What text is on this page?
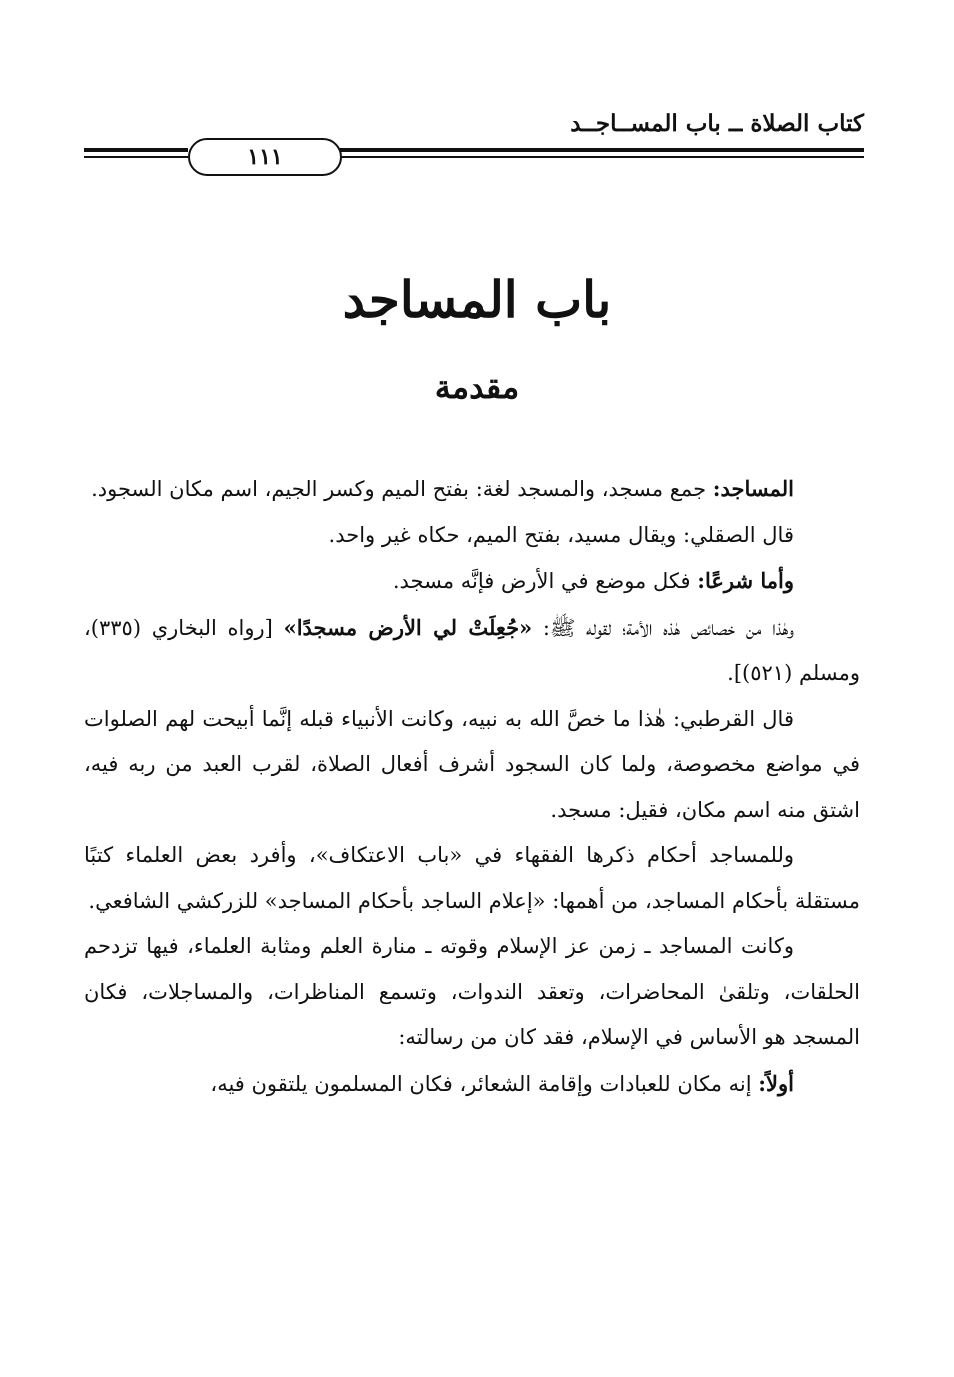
كتاب الصلاة ــ باب المســاجــد
١١١
باب المساجد
مقدمة

المساجد: جمع مسجد، والمسجد لغة: بفتح الميم وكسر الجيم، اسم مكان السجود.

قال الصقلي: ويقال مسيد، بفتح الميم، حكاه غير واحد.

وأما شرعًا: فكل موضع في الأرض فإنَّه مسجد.

وهٰذا من خصائص هٰذه الأمة؛ لقوله ﷺ: «جُعِلَتْ لي الأرض مسجدًا» [رواه البخاري (٣٣٥)، ومسلم (٥٢١)].

قال القرطبي: هٰذا ما خصَّ الله به نبيه، وكانت الأنبياء قبله إنَّما أبيحت لهم الصلوات في مواضع مخصوصة، ولما كان السجود أشرف أفعال الصلاة، لقرب العبد من ربه فيه، اشتق منه اسم مكان، فقيل: مسجد.

وللمساجد أحكام ذكرها الفقهاء في «باب الاعتكاف»، وأفرد بعض العلماء كتبًا مستقلة بأحكام المساجد، من أهمها: «إعلام الساجد بأحكام المساجد» للزركشي الشافعي.

وكانت المساجد ـ زمن عز الإسلام وقوته ـ منارة العلم ومثابة العلماء، فيها تزدحم الحلقات، وتلقىٰ المحاضرات، وتعقد الندوات، وتسمع المناظرات، والمساجلات، فكان المسجد هو الأساس في الإسلام، فقد كان من رسالته:

أولاً: إنه مكان للعبادات وإقامة الشعائر، فكان المسلمون يلتقون فيه،
